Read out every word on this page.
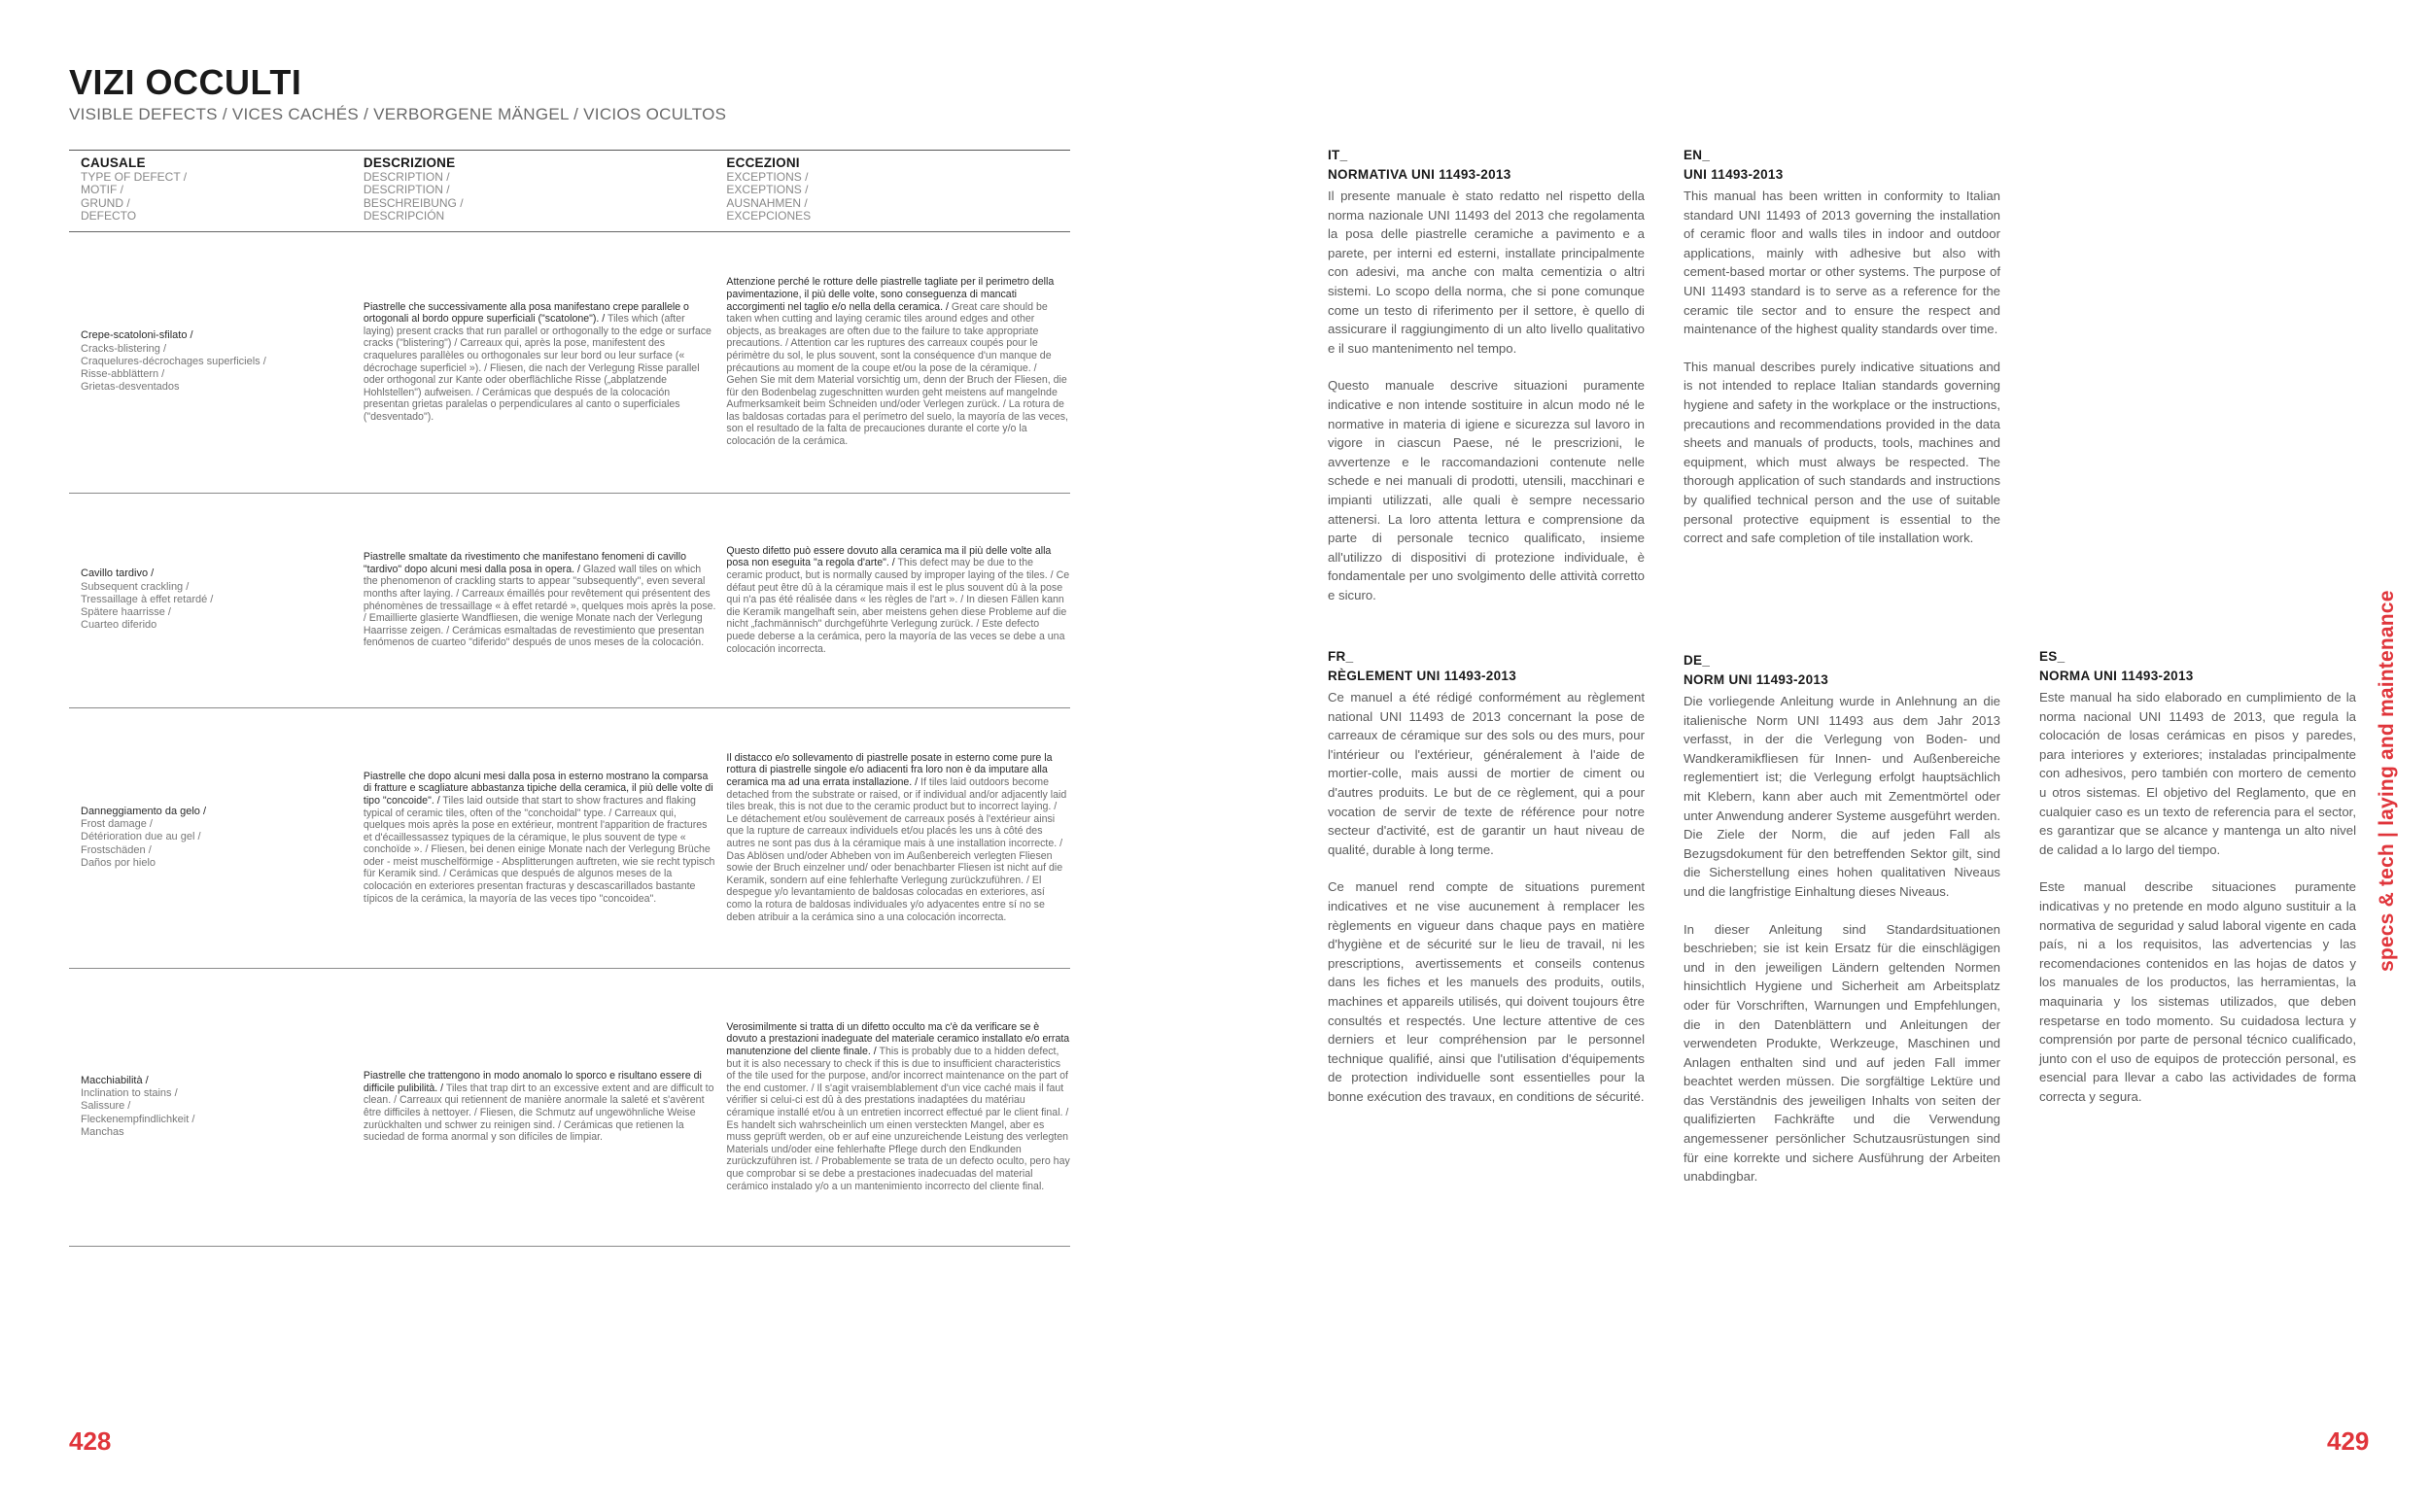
VIZI OCCULTI
VISIBLE DEFECTS / VICES CACHÉS / VERBORGENE MÄNGEL / VICIOS OCULTOS
CAUSALE
TYPE OF DEFECT /
MOTIF /
GRUND /
DEFECTO
DESCRIZIONE
DESCRIPTION /
DESCRIPTION /
BESCHREIBUNG /
DESCRIPCIÓN
ECCEZIONI
EXCEPTIONS /
EXCEPTIONS /
AUSNAHMEN /
EXCEPCIONES
Crepe-scatoloni-sfilato /
Cracks-blistering /
Craquelures-décrochages superficiels /
Risse-abblättern /
Grietas-desventados
Piastrelle che successivamente alla posa manifestano crepe parallele o ortogonali al bordo oppure superficiali ("scatolone"). / Tiles which (after laying) present cracks that run parallel or orthogonally to the edge or surface cracks ("blistering") / Carreaux qui, après la pose, manifestent des craquelures parallèles ou orthogonales sur leur bord ou leur surface (« décrochage superficiel »). / Fliesen, die nach der Verlegung Risse parallel oder orthogonal zur Kante oder oberflächliche Risse („abplatzende Hohlstellen") aufweisen. / Cerámicas que después de la colocación presentan grietas paralelas o perpendiculares al canto o superficiales ("desventado").
Attenzione perché le rotture delle piastrelle tagliate per il perimetro della pavimentazione, il più delle volte, sono conseguenza di mancati accorgimenti nel taglio e/o nella della ceramica. / Great care should be taken when cutting and laying ceramic tiles around edges and other objects, as breakages are often due to the failure to take appropriate precautions. / Attention car les ruptures des carreaux coupés pour le périmètre du sol, le plus souvent, sont la conséquence d'un manque de précautions au moment de la coupe et/ou la pose de la céramique. / Gehen Sie mit dem Material vorsichtig um, denn der Bruch der Fliesen, die für den Bodenbelag zugeschnitten wurden geht meistens auf mangelnde Aufmerksamkeit beim Schneiden und/oder Verlegen zurück. / La rotura de las baldosas cortadas para el perímetro del suelo, la mayoría de las veces, son el resultado de la falta de precauciones durante el corte y/o la colocación de la cerámica.
Cavillo tardivo /
Subsequent crackling /
Tressaillage à effet retardé /
Spätere haarrisse /
Cuarteo diferido
Piastrelle smaltate da rivestimento che manifestano fenomeni di cavillo "tardivo" dopo alcuni mesi dalla posa in opera. / Glazed wall tiles on which the phenomenon of crackling starts to appear "subsequently", even several months after laying. / Carreaux émaillés pour revêtement qui présentent des phénomènes de tressaillage « à effet retardé », quelques mois après la pose. / Emaillierte glasierte Wandfliesen, die wenige Monate nach der Verlegung Haarrisse zeigen. / Cerámicas esmaltadas de revestimiento que presentan fenómenos de cuarteo "diferido" después de unos meses de la colocación.
Questo difetto può essere dovuto alla ceramica ma il più delle volte alla posa non eseguita "a regola d'arte". / This defect may be due to the ceramic product, but is normally caused by improper laying of the tiles. / Ce défaut peut être dû à la céramique mais il est le plus souvent dû à la pose qui n'a pas été réalisée dans « les règles de l'art ». / In diesen Fällen kann die Keramik mangelhaft sein, aber meistens gehen diese Probleme auf die nicht „fachmännisch" durchgeführte Verlegung zurück. / Este defecto puede deberse a la cerámica, pero la mayoría de las veces se debe a una colocación incorrecta.
Danneggiamento da gelo /
Frost damage /
Détérioration due au gel /
Frostschäden /
Daños por hielo
Piastrelle che dopo alcuni mesi dalla posa in esterno mostrano la comparsa di fratture e scagliature abbastanza tipiche della ceramica, il più delle volte di tipo "concoide". / Tiles laid outside that start to show fractures and flaking typical of ceramic tiles, often of the "conchoidal" type. / Carreaux qui, quelques mois après la pose en extérieur, montrent l'apparition de fractures et d'écaillessassez typiques de la céramique, le plus souvent de type « conchoïde ». / Fliesen, bei denen einige Monate nach der Verlegung Brüche oder - meist muschelförmige - Absplitterungen auftreten, wie sie recht typisch für Keramik sind. / Cerámicas que después de algunos meses de la colocación en exteriores presentan fracturas y descascarillados bastante típicos de la cerámica, la mayoría de las veces tipo "concoidea".
Il distacco e/o sollevamento di piastrelle posate in esterno come pure la rottura di piastrelle singole e/o adiacenti fra loro non è da imputare alla ceramica ma ad una errata installazione. / If tiles laid outdoors become detached from the substrate or raised, or if individual and/or adjacently laid tiles break, this is not due to the ceramic product but to incorrect laying. / Le détachement et/ou soulèvement de carreaux posés à l'extérieur ainsi que la rupture de carreaux individuels et/ou placés les uns à côté des autres ne sont pas dus à la céramique mais à une installation incorrecte. / Das Ablösen und/oder Abheben von im Außenbereich verlegten Fliesen sowie der Bruch einzelner und/ oder benachbarter Fliesen ist nicht auf die Keramik, sondern auf eine fehlerhafte Verlegung zurückzuführen. / El despegue y/o levantamiento de baldosas colocadas en exteriores, así como la rotura de baldosas individuales y/o adyacentes entre sí no se deben atribuir a la cerámica sino a una colocación incorrecta.
Macchiabilità /
Inclination to stains /
Salissure /
Fleckenempfindlichkeit /
Manchas
Piastrelle che trattengono in modo anomalo lo sporco e risultano essere di difficile pulibilità. / Tiles that trap dirt to an excessive extent and are difficult to clean. / Carreaux qui retiennent de manière anormale la saleté et s'avèrent être difficiles à nettoyer. / Fliesen, die Schmutz auf ungewöhnliche Weise zurückhalten und schwer zu reinigen sind. / Cerámicas que retienen la suciedad de forma anormal y son difíciles de limpiar.
Verosimilmente si tratta di un difetto occulto ma c'è da verificare se è dovuto a prestazioni inadeguate del materiale ceramico installato e/o errata manutenzione del cliente finale. / This is probably due to a hidden defect, but it is also necessary to check if this is due to insufficient characteristics of the tile used for the purpose, and/or incorrect maintenance on the part of the end customer. / Il s'agit vraisemblablement d'un vice caché mais il faut vérifier si celui-ci est dû à des prestations inadaptées du matériau céramique installé et/ou à un entretien incorrect effectué par le client final. / Es handelt sich wahrscheinlich um einen versteckten Mangel, aber es muss geprüft werden, ob er auf eine unzureichende Leistung des verlegten Materials und/oder eine fehlerhafte Pflege durch den Endkunden zurückzuführen ist. / Probablemente se trata de un defecto oculto, pero hay que comprobar si se debe a prestaciones inadecuadas del material cerámico instalado y/o a un mantenimiento incorrecto del cliente final.
428
IT_
NORMATIVA UNI 11493-2013

Il presente manuale è stato redatto nel rispetto della norma nazionale UNI 11493 del 2013 che regolamenta la posa delle piastrelle ceramiche a pavimento e a parete, per interni ed esterni, installate principalmente con adesivi, ma anche con malta cementizia o altri sistemi. Lo scopo della norma, che si pone comunque come un testo di riferimento per il settore, è quello di assicurare il raggiungimento di un alto livello qualitativo e il suo mantenimento nel tempo.

Questo manuale descrive situazioni puramente indicative e non intende sostituire in alcun modo né le normative in materia di igiene e sicurezza sul lavoro in vigore in ciascun Paese, né le prescrizioni, le avvertenze e le raccomandazioni contenute nelle schede e nei manuali di prodotti, utensili, macchinari e impianti utilizzati, alle quali è sempre necessario attenersi. La loro attenta lettura e comprensione da parte di personale tecnico qualificato, insieme all'utilizzo di dispositivi di protezione individuale, è fondamentale per uno svolgimento delle attività corretto e sicuro.

EN_
UNI 11493-2013

This manual has been written in conformity to Italian standard UNI 11493 of 2013 governing the installation of ceramic floor and walls tiles in indoor and outdoor applications, mainly with adhesive but also with cement-based mortar or other systems. The purpose of UNI 11493 standard is to serve as a reference for the ceramic tile sector and to ensure the respect and maintenance of the highest quality standards over time.

This manual describes purely indicative situations and is not intended to replace Italian standards governing hygiene and safety in the workplace or the instructions, precautions and recommendations provided in the data sheets and manuals of products, tools, machines and equipment, which must always be respected. The thorough application of such standards and instructions by qualified technical person and the use of suitable personal protective equipment is essential to the correct and safe completion of tile installation work.

FR_
RÈGLEMENT UNI 11493-2013

Ce manuel a été rédigé conformément au règlement national UNI 11493 de 2013 concernant la pose de carreaux de céramique sur des sols ou des murs, pour l'intérieur ou l'extérieur, généralement à l'aide de mortier-colle, mais aussi de mortier de ciment ou d'autres produits. Le but de ce règlement, qui a pour vocation de servir de texte de référence pour notre secteur d'activité, est de garantir un haut niveau de qualité, durable à long terme.

Ce manuel rend compte de situations purement indicatives et ne vise aucunement à remplacer les règlements en vigueur dans chaque pays en matière d'hygiène et de sécurité sur le lieu de travail, ni les prescriptions, avertissements et conseils contenus dans les fiches et les manuels des produits, outils, machines et appareils utilisés, qui doivent toujours être consultés et respectés. Une lecture attentive de ces derniers et leur compréhension par le personnel technique qualifié, ainsi que l'utilisation d'équipements de protection individuelle sont essentielles pour la bonne exécution des travaux, en conditions de sécurité.

DE_
NORM UNI 11493-2013

Die vorliegende Anleitung wurde in Anlehnung an die italienische Norm UNI 11493 aus dem Jahr 2013 verfasst, in der die Verlegung von Boden- und Wandkeramikfliesen für Innen- und Außenbereiche reglementiert ist; die Verlegung erfolgt hauptsächlich mit Klebern, kann aber auch mit Zementmörtel oder unter Anwendung anderer Systeme ausgeführt werden. Die Ziele der Norm, die auf jeden Fall als Bezugsdokument für den betreffenden Sektor gilt, sind die Sicherstellung eines hohen qualitativen Niveaus und die langfristige Einhaltung dieses Niveaus.

In dieser Anleitung sind Standardsituationen beschrieben; sie ist kein Ersatz für die einschlägigen und in den jeweiligen Ländern geltenden Normen hinsichtlich Hygiene und Sicherheit am Arbeitsplatz oder für Vorschriften, Warnungen und Empfehlungen, die in den Datenblättern und Anleitungen der verwendeten Produkte, Werkzeuge, Maschinen und Anlagen enthalten sind und auf jeden Fall immer beachtet werden müssen. Die sorgfältige Lektüre und das Verständnis des jeweiligen Inhalts von seiten der qualifizierten Fachkräfte und die Verwendung angemessener persönlicher Schutzausrüstungen sind für eine korrekte und sichere Ausführung der Arbeiten unabdingbar.

ES_
NORMA UNI 11493-2013

Este manual ha sido elaborado en cumplimiento de la norma nacional UNI 11493 de 2013, que regula la colocación de losas cerámicas en pisos y paredes, para interiores y exteriores; instaladas principalmente con adhesivos, pero también con mortero de cemento u otros sistemas. El objetivo del Reglamento, que en cualquier caso es un texto de referencia para el sector, es garantizar que se alcance y mantenga un alto nivel de calidad a lo largo del tiempo.

Este manual describe situaciones puramente indicativas y no pretende en modo alguno sustituir a la normativa de seguridad y salud laboral vigente en cada país, ni a los requisitos, las advertencias y las recomendaciones contenidos en las hojas de datos y los manuales de los productos, las herramientas, la maquinaria y los sistemas utilizados, que deben respetarse en todo momento. Su cuidadosa lectura y comprensión por parte de personal técnico cualificado, junto con el uso de equipos de protección personal, es esencial para llevar a cabo las actividades de forma correcta y segura.

specs & tech | laying and maintenance
429
